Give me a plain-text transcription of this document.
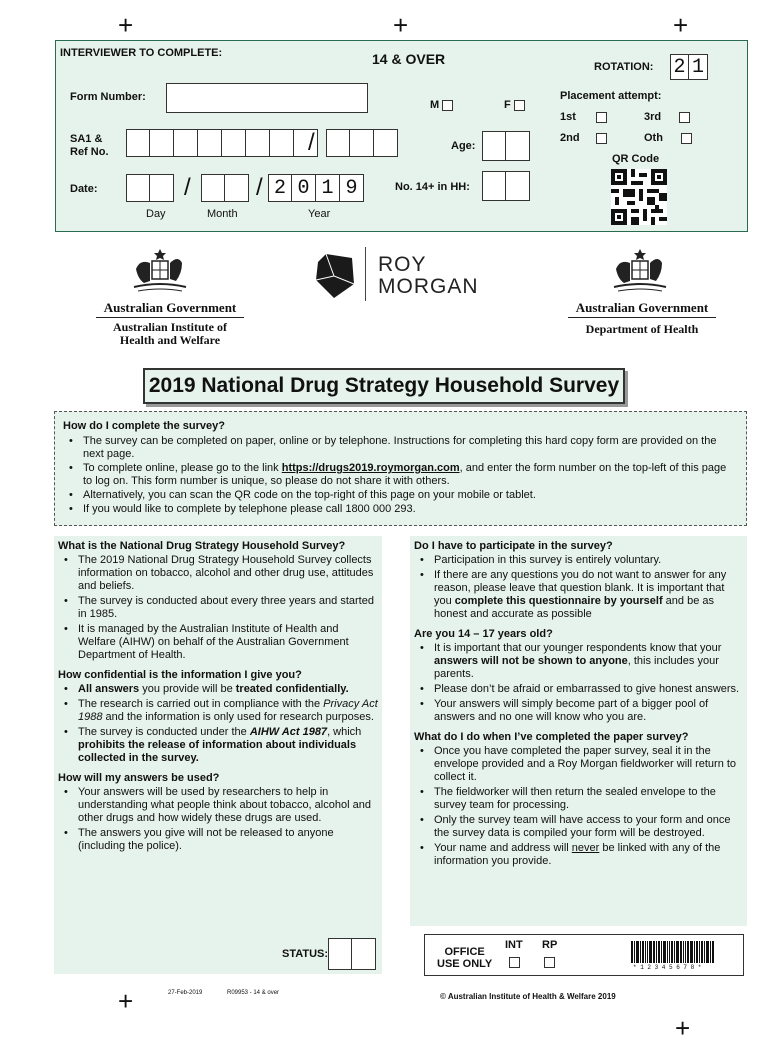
+	+	+
+
+
INTERVIEWER TO COMPLETE:	14 & OVER	ROTATION: 2 1
Form Number:
M	F
Placement attempt:
1st	3rd
2nd	Oth
QR Code
SA1 &
Ref No.	/	Age:
Date:	/	/ 2 0 1 9
Day	Month	Year
No. 14+ in HH:
Australian Government
Australian Institute of
Health and Welfare
ROY
MORGAN
Australian Government
Department of Health
2019 National Drug Strategy Household Survey
How do I complete the survey?
• The survey can be completed on paper, online or by telephone. Instructions for completing this hard copy form are provided on the next page.
• To complete online, please go to the link https://drugs2019.roymorgan.com, and enter the form number on the top-left of this page to log on. This form number is unique, so please do not share it with others.
• Alternatively, you can scan the QR code on the top-right of this page on your mobile or tablet.
• If you would like to complete by telephone please call 1800 000 293.
What is the National Drug Strategy Household Survey?
• The 2019 National Drug Strategy Household Survey collects information on tobacco, alcohol and other drug use, attitudes and beliefs.
• The survey is conducted about every three years and started in 1985.
• It is managed by the Australian Institute of Health and Welfare (AIHW) on behalf of the Australian Government Department of Health.
How confidential is the information I give you?
• All answers you provide will be treated confidentially.
• The research is carried out in compliance with the Privacy Act 1988 and the information is only used for research purposes.
• The survey is conducted under the AIHW Act 1987, which prohibits the release of information about individuals collected in the survey.
How will my answers be used?
• Your answers will be used by researchers to help in understanding what people think about tobacco, alcohol and other drugs and how widely these drugs are used.
• The answers you give will not be released to anyone (including the police).
STATUS:
Do I have to participate in the survey?
• Participation in this survey is entirely voluntary.
• If there are any questions you do not want to answer for any reason, please leave that question blank. It is important that you complete this questionnaire by yourself and be as honest and accurate as possible
Are you 14 – 17 years old?
• It is important that our younger respondents know that your answers will not be shown to anyone, this includes your parents.
• Please don’t be afraid or embarrassed to give honest answers.
• Your answers will simply become part of a bigger pool of answers and no one will know who you are.
What do I do when I’ve completed the paper survey?
• Once you have completed the paper survey, seal it in the envelope provided and a Roy Morgan fieldworker will return to collect it.
• The fieldworker will then return the sealed envelope to the survey team for processing.
• Only the survey team will have access to your form and once the survey data is compiled your form will be destroyed.
• Your name and address will never be linked with any of the information you provide.
OFFICE
USE ONLY
INT RP
* 1 2 3 4 5 6 7 8 *
27-Feb-2019	R09953 - 14 & over	© Australian Institute of Health & Welfare 2019
